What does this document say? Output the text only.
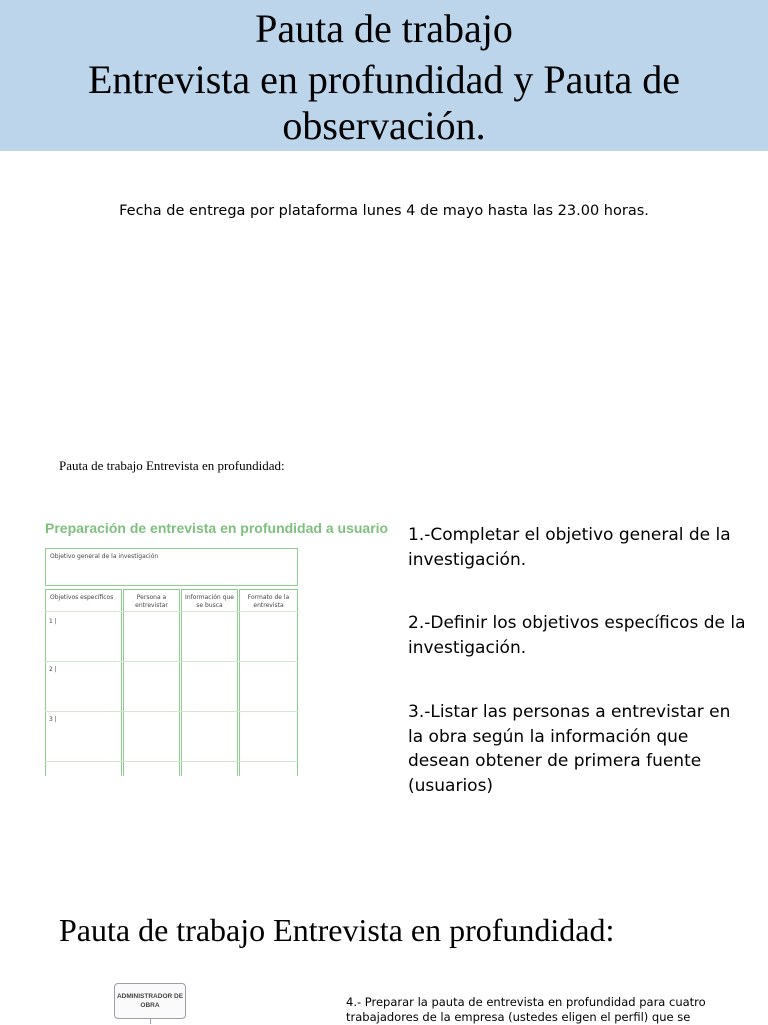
Pauta de trabajo
Entrevista en profundidad y Pauta de
observación.
Fecha de entrega por plataforma lunes 4 de mayo hasta las 23.00 horas.
Pauta de trabajo Entrevista en profundidad:
Preparación de entrevista en profundidad a usuario
Objetivo general de la investigación
Objetivos específicos	Persona a entrevistar
Información que se busca
Formato de la entrevista
1 |
2 |
3 |

1.-Completar el objetivo general de la investigación.

2.-Definir los objetivos específicos de la investigación.

3.-Listar las personas a entrevistar en la obra según la información que desean obtener de primera fuente (usuarios)

Pauta de trabajo Entrevista en profundidad:
ADMINISTRADOR DE OBRA	4.- Preparar la pauta de entrevista en profundidad para cuatro trabajadores de la empresa (ustedes eligen el perfil) que se
